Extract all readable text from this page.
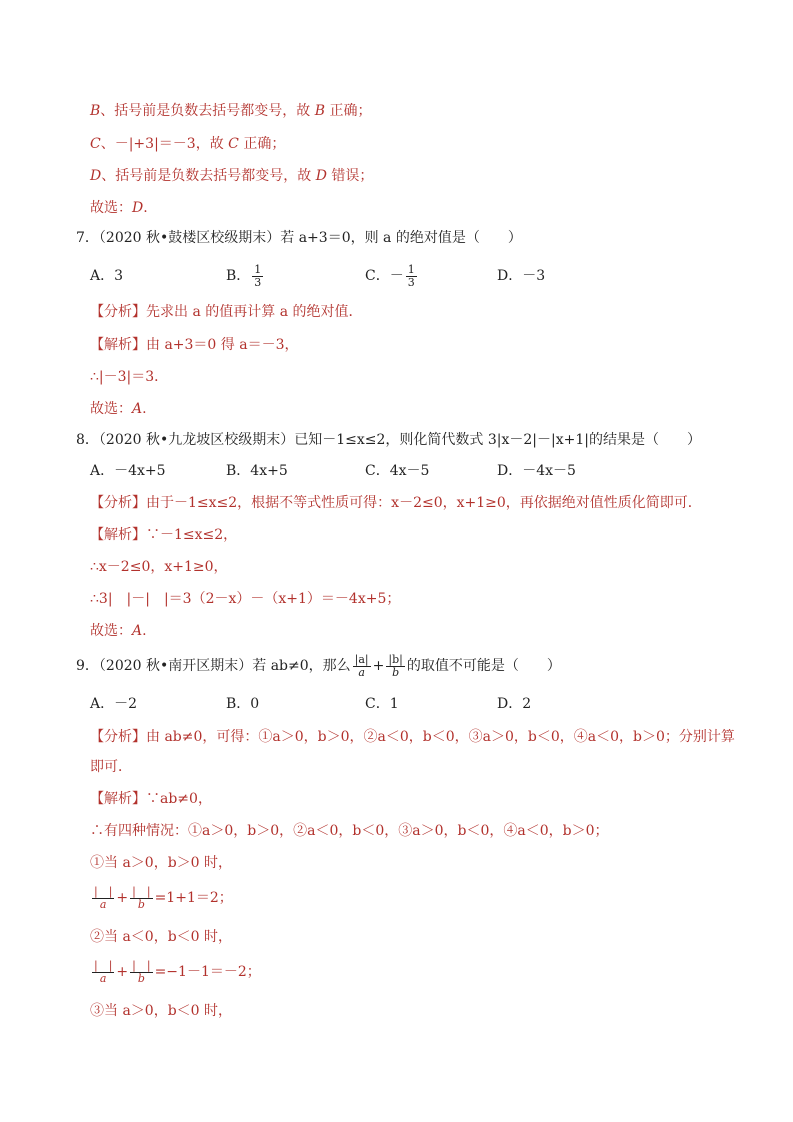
B、括号前是负数去括号都变号，故 B 正确；
C、－|+3|＝－3，故 C 正确；
D、括号前是负数去括号都变号，故 D 错误；
故选：D.
7．（2020 秋•鼓楼区校级期末）若 a+3＝0，则 a 的绝对值是（　　）
A．3	B． $\frac{1}{3}$	C．－ $\frac{1}{3}$	D．－3
【分析】先求出 a 的值再计算 a 的绝对值．
【解析】由 a+3＝0 得 a＝－3，
∴|－3|＝3．
故选：A.
8．（2020 秋•九龙坡区校级期末）已知－1≤x≤2，则化简代数式 3|x－2|－|x+1|的结果是（　　）
A．－4x+5	B．4x+5	C．4x－5	D．－4x－5
【分析】由于－1≤x≤2，根据不等式性质可得：x－2≤0，x+1≥0，再依据绝对值性质化简即可．
【解析】∵－1≤x≤2，
∴x－2≤0，x+1≥0，
∴3|　|－|　|＝3（2－x）－（x+1）＝－4x+5；
故选：A.
9．（2020 秋•南开区期末）若 ab≠0，那么 $\frac{|a|}{a} + \frac{|b|}{b}$ 的取值不可能是（　　）
A．－2	B．0	C．1	D．2
【分析】由 ab≠0，可得：①a＞0，b＞0，②a＜0，b＜0，③a＞0，b＜0，④a＜0，b＞0；分别计算
即可．
【解析】∵ab≠0，
∴有四种情况：①a＞0，b＞0，②a＜0，b＜0，③a＞0，b＜0，④a＜0，b＞0；
①当 a＞0，b＞0 时，
$\frac{| |}{a} + \frac{| |}{b} =1+1=2$；
②当 a＜0，b＜0 时，
$\frac{| |}{a} + \frac{| |}{b} =-1-1=-2$；
③当 a＞0，b＜0 时，
